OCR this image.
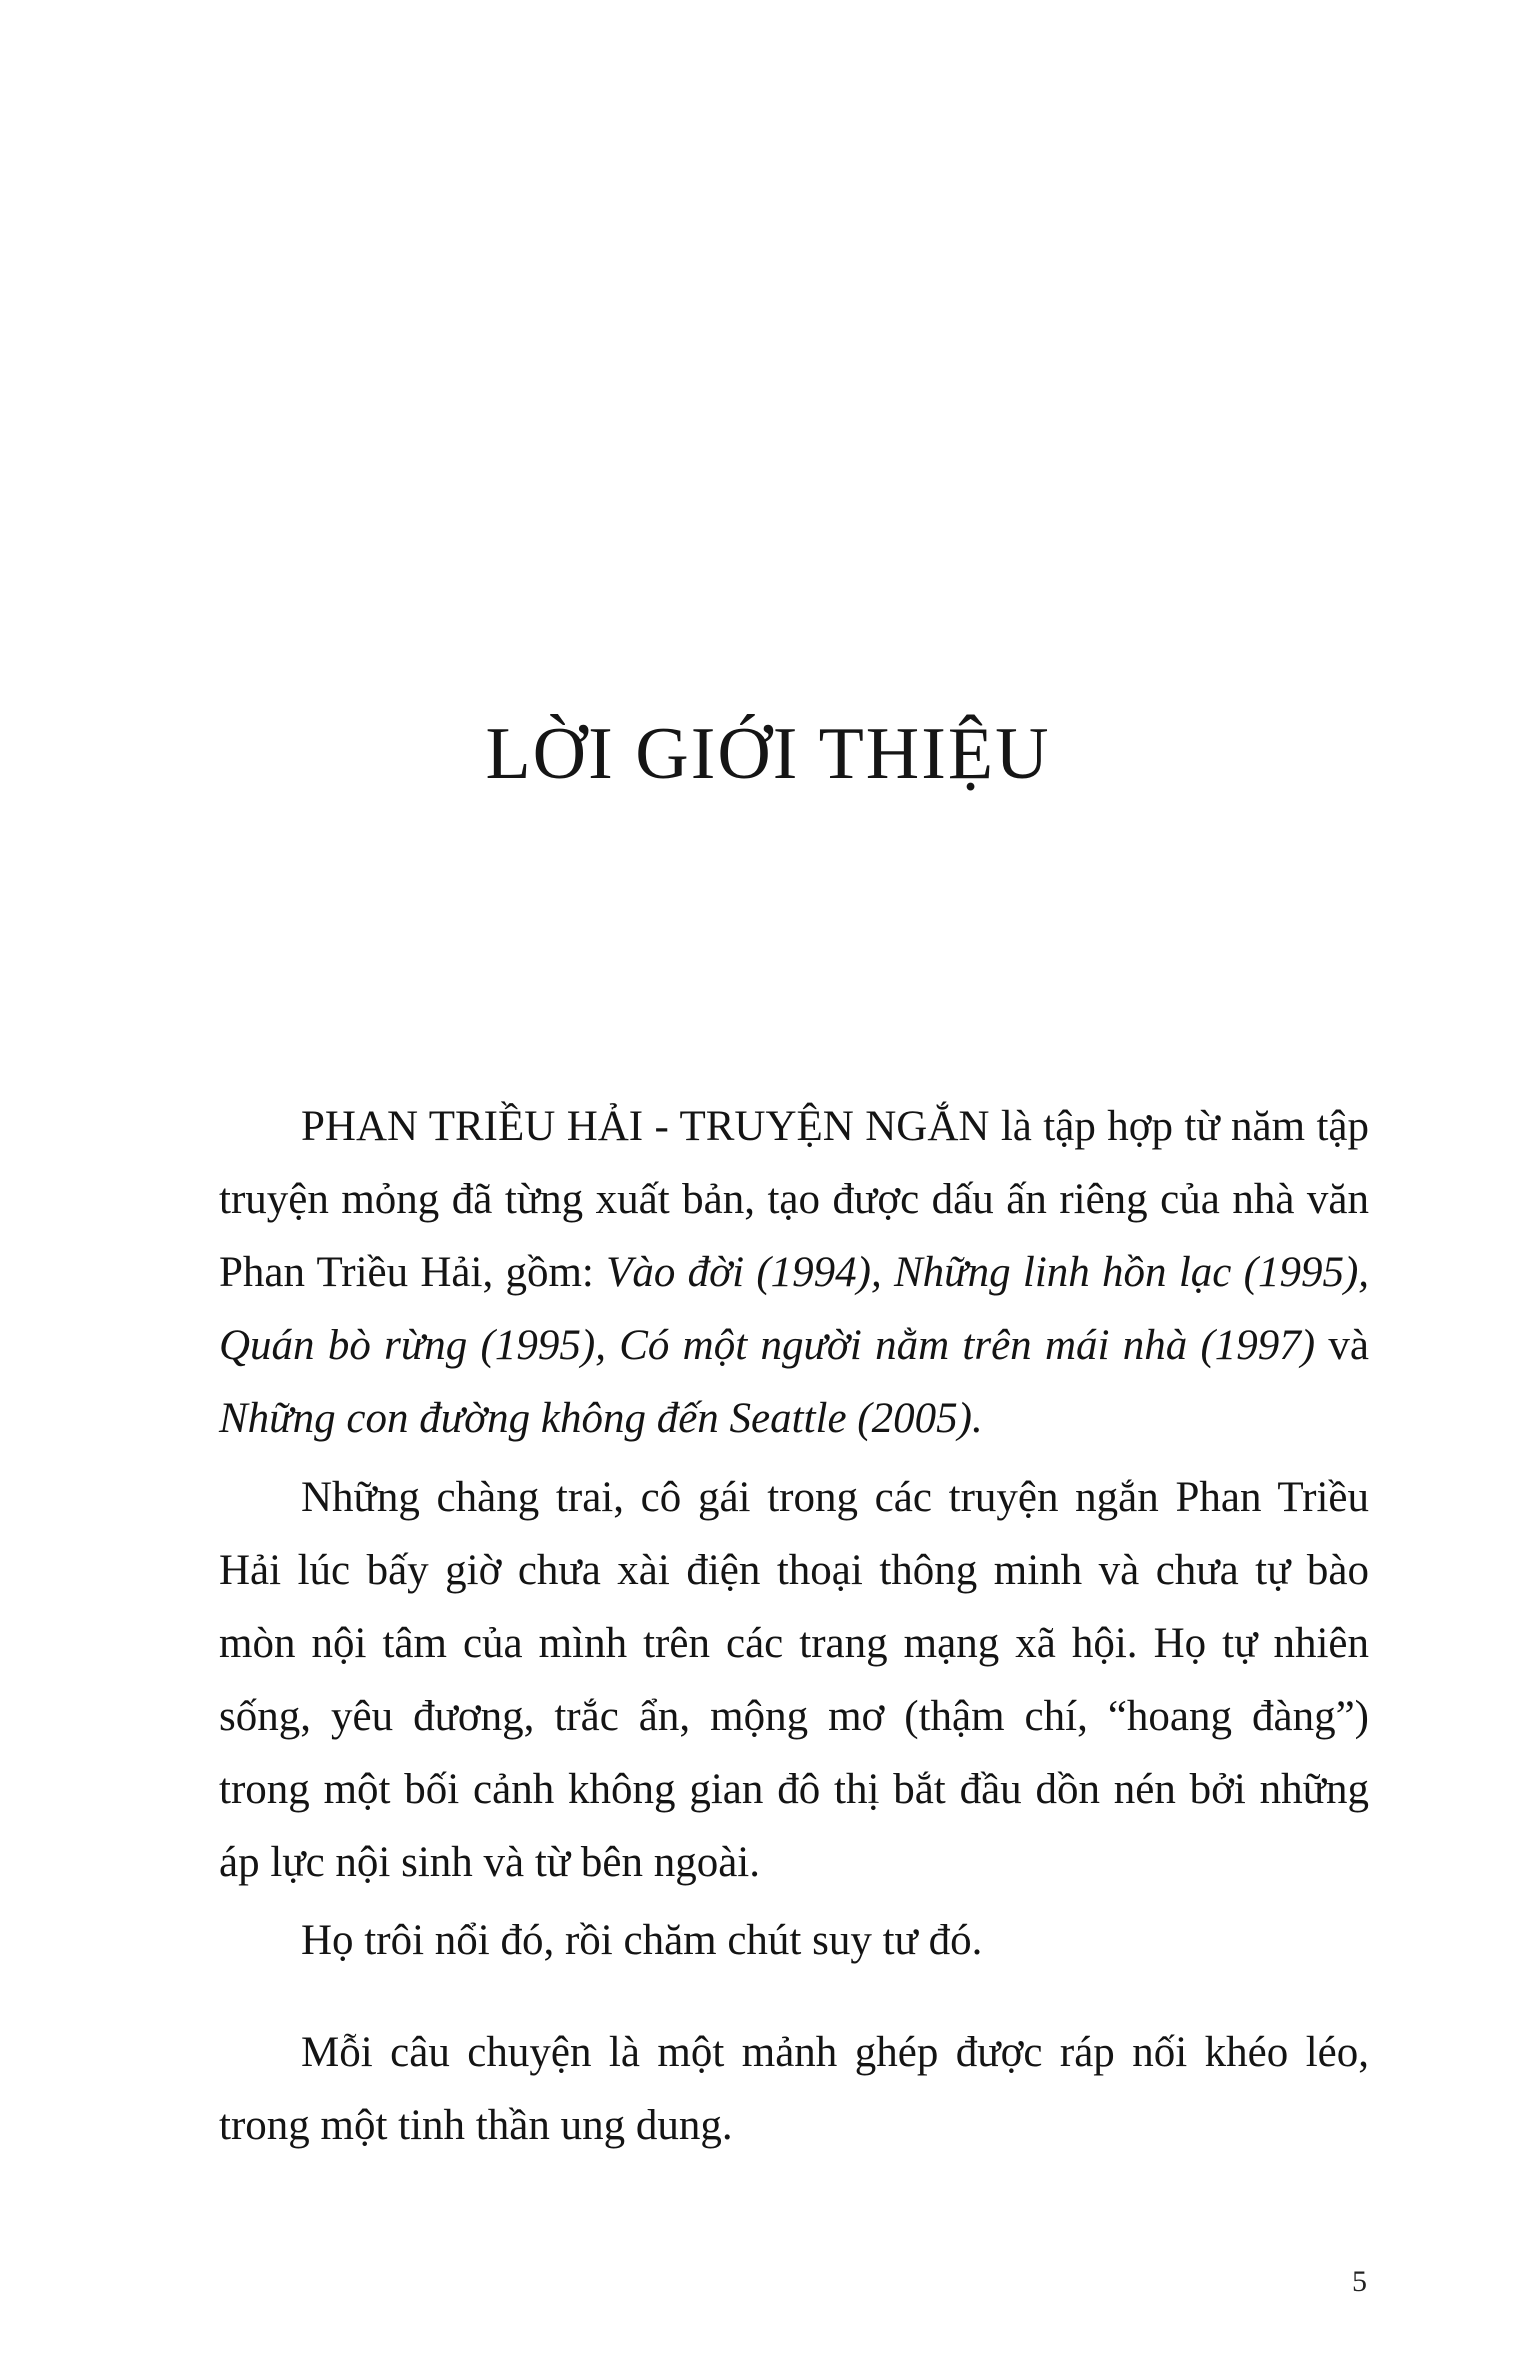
LỜI GIỚI THIỆU

PHAN TRIỀU HẢI - TRUYỆN NGẮN là tập hợp từ năm tập truyện mỏng đã từng xuất bản, tạo được dấu ấn riêng của nhà văn Phan Triều Hải, gồm: Vào đời (1994), Những linh hồn lạc (1995), Quán bò rừng (1995), Có một người nằm trên mái nhà (1997) và Những con đường không đến Seattle (2005).

Những chàng trai, cô gái trong các truyện ngắn Phan Triều Hải lúc bấy giờ chưa xài điện thoại thông minh và chưa tự bào mòn nội tâm của mình trên các trang mạng xã hội. Họ tự nhiên sống, yêu đương, trắc ẩn, mộng mơ (thậm chí, “hoang đàng”) trong một bối cảnh không gian đô thị bắt đầu dồn nén bởi những áp lực nội sinh và từ bên ngoài.

Họ trôi nổi đó, rồi chăm chút suy tư đó.

Mỗi câu chuyện là một mảnh ghép được ráp nối khéo léo, trong một tinh thần ung dung.

5
